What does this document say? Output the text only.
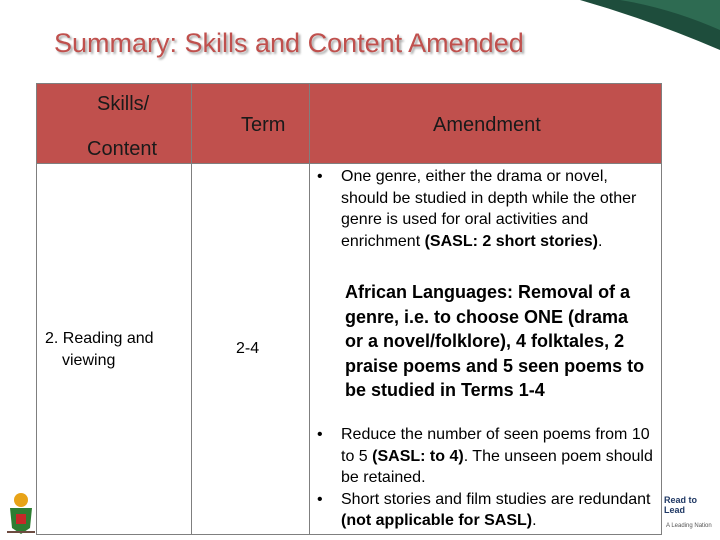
Summary: Skills and Content Amended
Skills/
Content
Term	Amendment
2. Reading and
viewing
2-4
• One genre, either the drama or novel, should be studied in depth while the other genre is used for oral activities and enrichment (SASL: 2 short stories).
African Languages: Removal of a genre, i.e. to choose ONE (drama or a novel/folklore), 4 folktales, 2 praise poems and 5 seen poems to be studied in Terms 1-4
• Reduce the number of seen poems from 10 to 5 (SASL: to 4). The unseen poem should be retained.
• Short stories and film studies are redundant (not applicable for SASL).
Read to Lead
A Leading Nation
